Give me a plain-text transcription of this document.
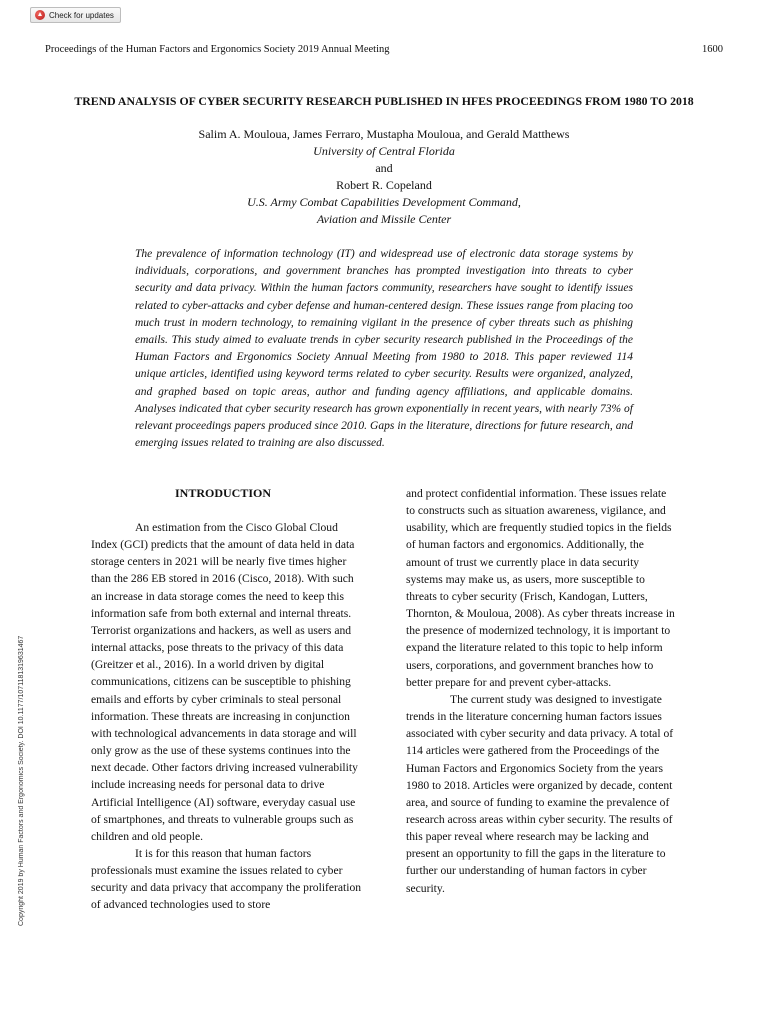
Check for updates
Proceedings of the Human Factors and Ergonomics Society 2019 Annual Meeting	1600
TREND ANALYSIS OF CYBER SECURITY RESEARCH PUBLISHED IN HFES PROCEEDINGS FROM 1980 TO 2018
Salim A. Mouloua, James Ferraro, Mustapha Mouloua, and Gerald Matthews
University of Central Florida
and
Robert R. Copeland
U.S. Army Combat Capabilities Development Command,
Aviation and Missile Center

The prevalence of information technology (IT) and widespread use of electronic data storage systems by individuals, corporations, and government branches has prompted investigation into threats to cyber security and data privacy. Within the human factors community, researchers have sought to identify issues related to cyber-attacks and cyber defense and human-centered design. These issues range from placing too much trust in modern technology, to remaining vigilant in the presence of cyber threats such as phishing emails. This study aimed to evaluate trends in cyber security research published in the Proceedings of the Human Factors and Ergonomics Society Annual Meeting from 1980 to 2018. This paper reviewed 114 unique articles, identified using keyword terms related to cyber security. Results were organized, analyzed, and graphed based on topic areas, author and funding agency affiliations, and applicable domains. Analyses indicated that cyber security research has grown exponentially in recent years, with nearly 73% of relevant proceedings papers produced since 2010. Gaps in the literature, directions for future research, and emerging issues related to training are also discussed.

INTRODUCTION

An estimation from the Cisco Global Cloud Index (GCI) predicts that the amount of data held in data storage centers in 2021 will be nearly five times higher than the 286 EB stored in 2016 (Cisco, 2018). With such an increase in data storage comes the need to keep this information safe from both external and internal threats. Terrorist organizations and hackers, as well as users and internal attacks, pose threats to the privacy of this data (Greitzer et al., 2016). In a world driven by digital communications, citizens can be susceptible to phishing emails and efforts by cyber criminals to steal personal information. These threats are increasing in conjunction with technological advancements in data storage and will only grow as the use of these systems continues into the next decade. Other factors driving increased vulnerability include increasing needs for personal data to drive Artificial Intelligence (AI) software, everyday casual use of smartphones, and threats to vulnerable groups such as children and old people.

It is for this reason that human factors professionals must examine the issues related to cyber security and data privacy that accompany the proliferation of advanced technologies used to store

and protect confidential information. These issues relate to constructs such as situation awareness, vigilance, and usability, which are frequently studied topics in the fields of human factors and ergonomics. Additionally, the amount of trust we currently place in data security systems may make us, as users, more susceptible to threats to cyber security (Frisch, Kandogan, Lutters, Thornton, & Mouloua, 2008). As cyber threats increase in the presence of modernized technology, it is important to expand the literature related to this topic to help inform users, corporations, and government branches how to better prepare for and prevent cyber-attacks.

The current study was designed to investigate trends in the literature concerning human factors issues associated with cyber security and data privacy. A total of 114 articles were gathered from the Proceedings of the Human Factors and Ergonomics Society from the years 1980 to 2018. Articles were organized by decade, content area, and source of funding to examine the prevalence of research across areas within cyber security. The results of this paper reveal where research may be lacking and present an opportunity to fill the gaps in the literature to further our understanding of human factors in cyber security.

Copyright 2019 by Human Factors and Ergonomics Society. DOI 10.1177/1071181319631467
